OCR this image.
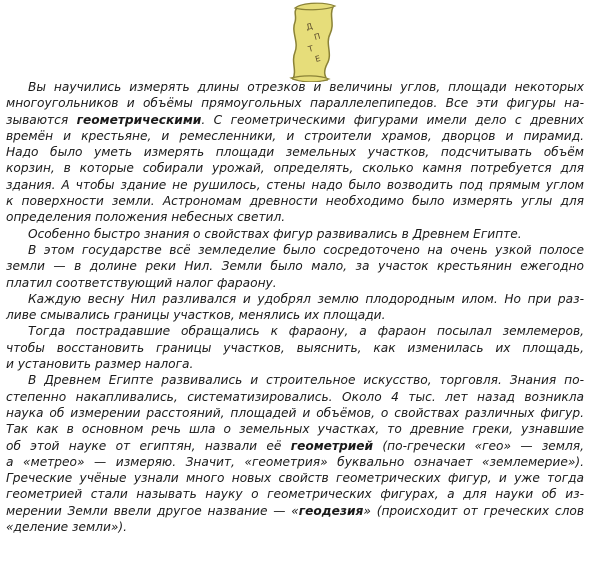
Д
П
Т
Е
Вы научились измерять длины отрезков и величины углов, площади некоторых
многоугольников и объёмы прямоугольных параллелепипедов. Все эти фигуры на-
зываются геометрическими. С геометрическими фигурами имели дело с древних
времён и крестьяне, и ремесленники, и строители храмов, дворцов и пирамид.
Надо было уметь измерять площади земельных участков, подсчитывать объём
корзин, в которые собирали урожай, определять, сколько камня потребуется для
здания. А чтобы здание не рушилось, стены надо было возводить под прямым углом
к поверхности земли. Астрономам древности необходимо было измерять углы для
определения положения небесных светил.
Особенно быстро знания о свойствах фигур развивались в Древнем Египте.
В этом государстве всё земледелие было сосредоточено на очень узкой полосе
земли — в долине реки Нил. Земли было мало, за участок крестьянин ежегодно
платил соответствующий налог фараону.
Каждую весну Нил разливался и удобрял землю плодородным илом. Но при раз-
ливе смывались границы участков, менялись их площади.
Тогда пострадавшие обращались к фараону, а фараон посылал землемеров,
чтобы восстановить границы участков, выяснить, как изменилась их площадь,
и установить размер налога.
В Древнем Египте развивались и строительное искусство, торговля. Знания по-
степенно накапливались, систематизировались. Около 4 тыс. лет назад возникла
наука об измерении расстояний, площадей и объёмов, о свойствах различных фигур.
Так как в основном речь шла о земельных участках, то древние греки, узнавшие
об этой науке от египтян, назвали её геометрией (по-гречески «гео» — земля,
а «метрео» — измеряю. Значит, «геометрия» буквально означает «землемерие»).
Греческие учёные узнали много новых свойств геометрических фигур, и уже тогда
геометрией стали называть науку о геометрических фигурах, а для науки об из-
мерении Земли ввели другое название — «геодезия» (происходит от греческих слов
«деление земли»).
